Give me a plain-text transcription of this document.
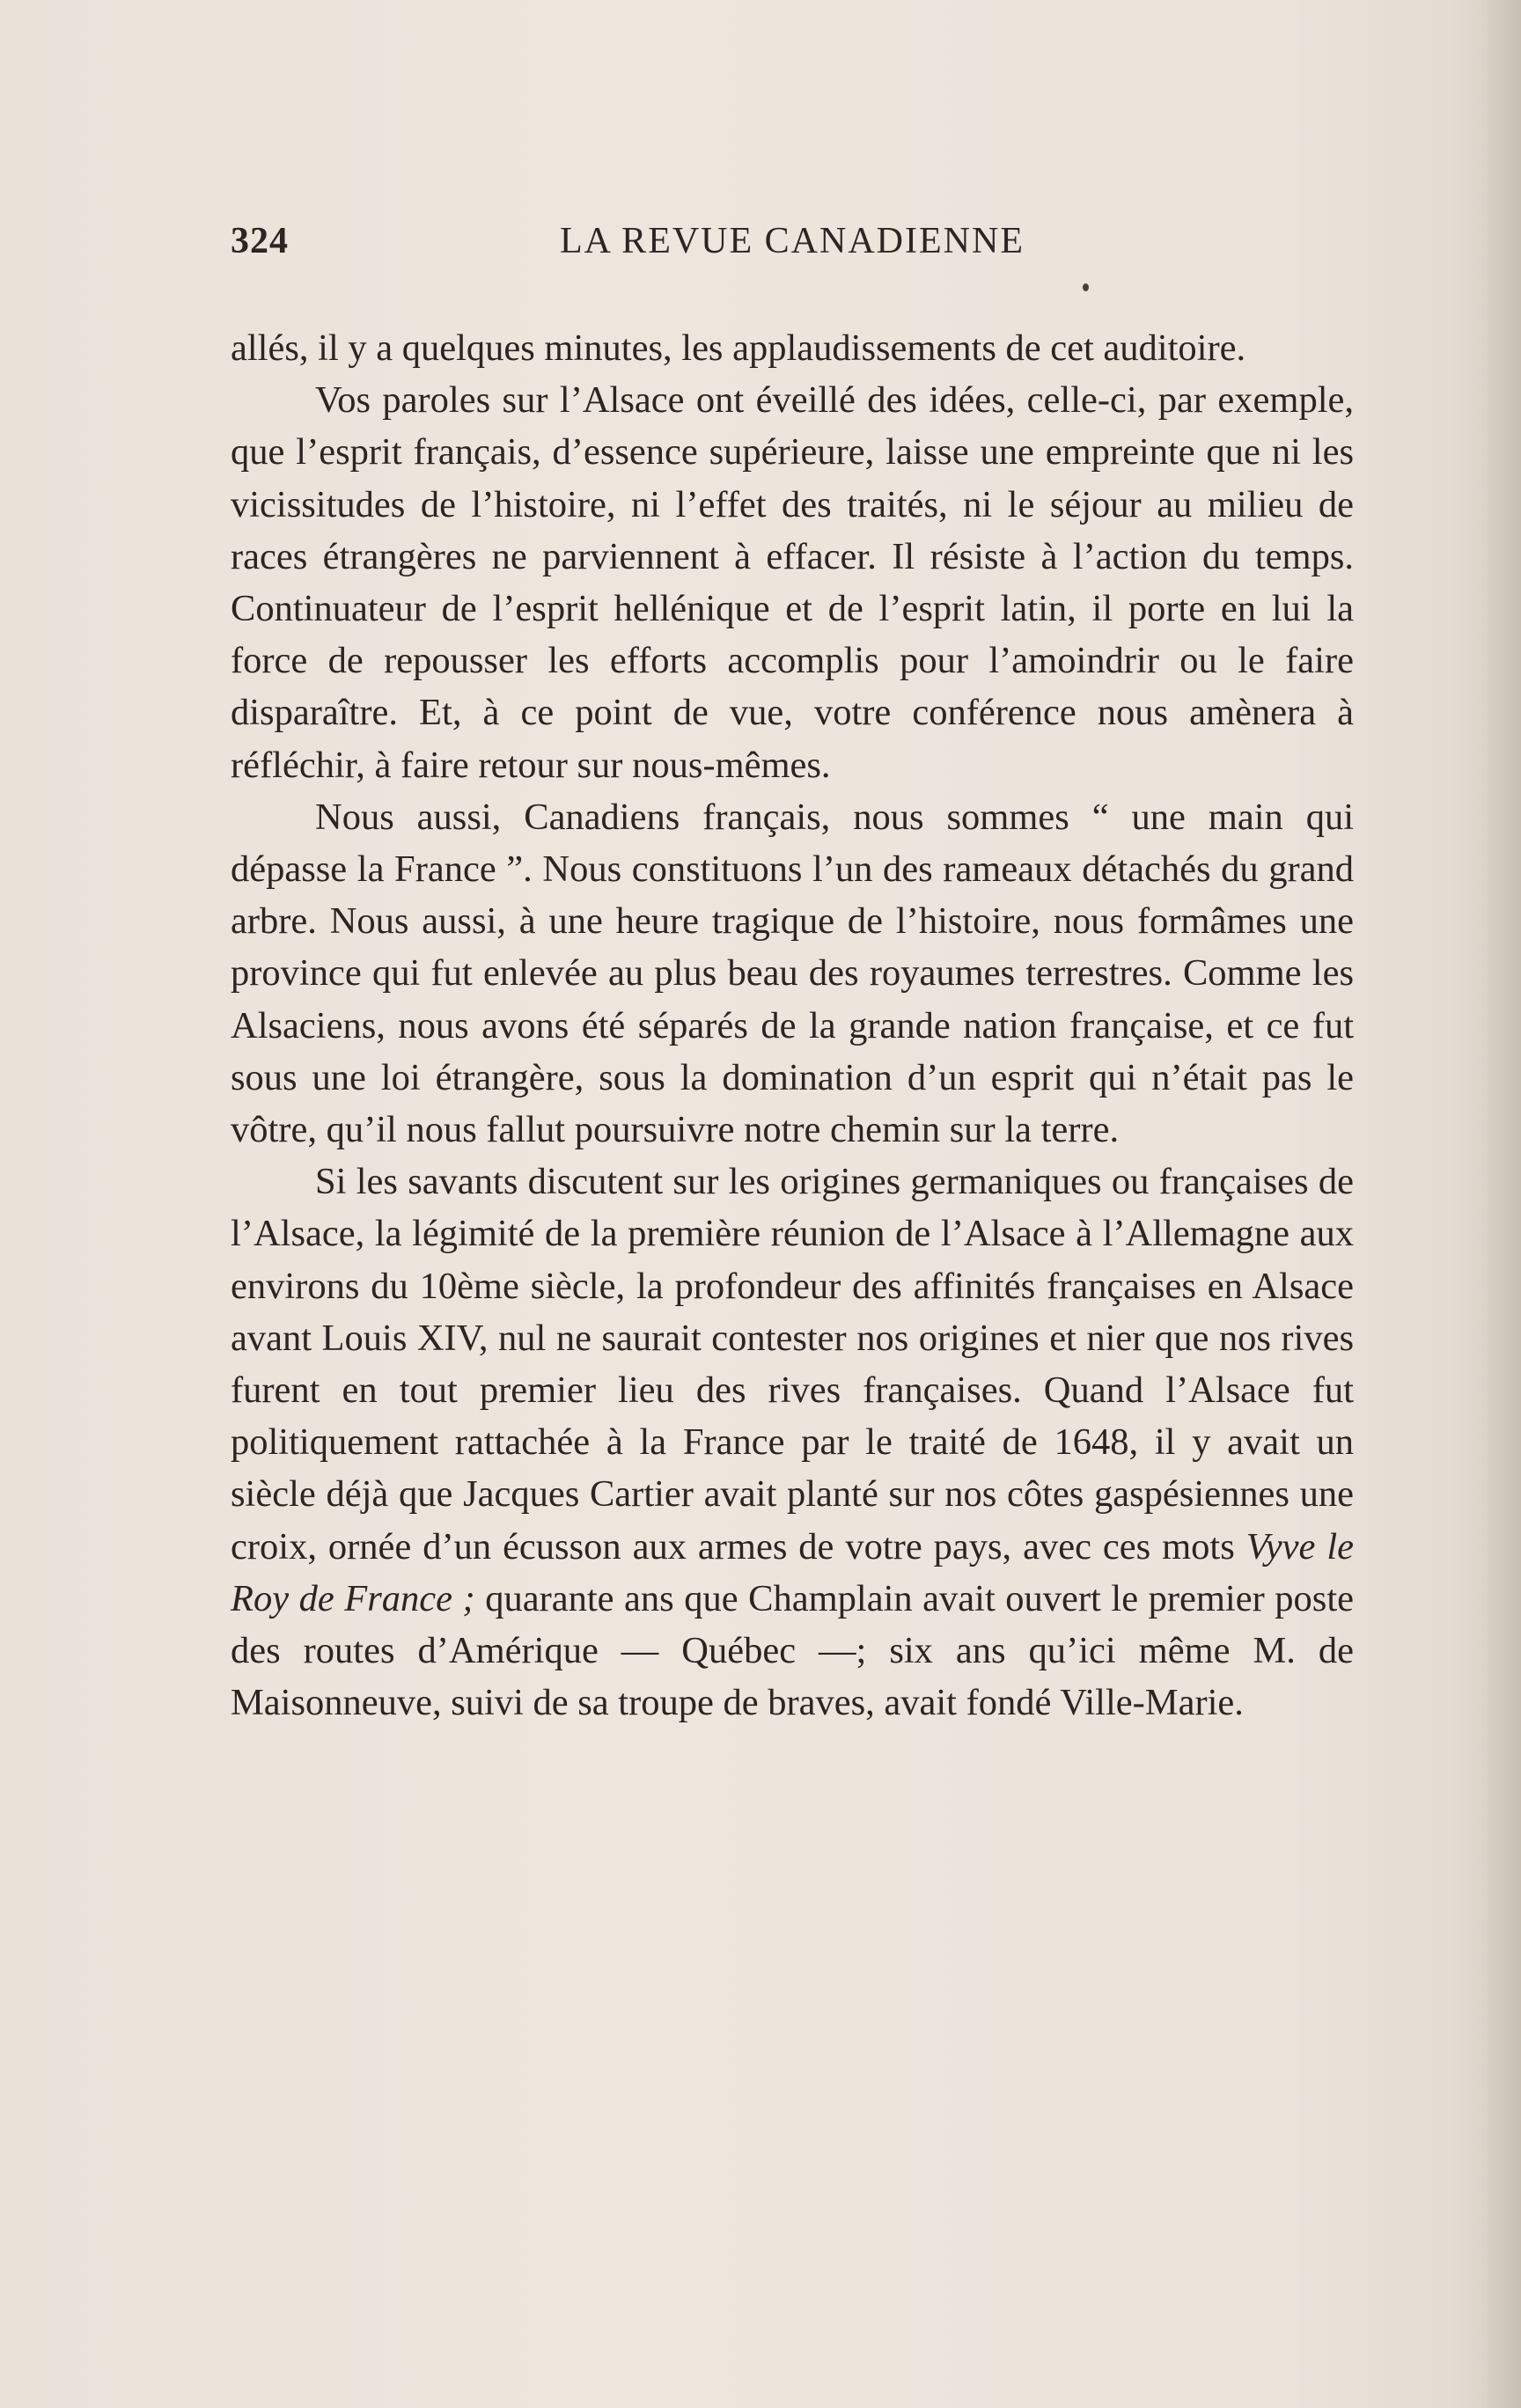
324	LA REVUE CANADIENNE

allés, il y a quelques minutes, les applaudissements de cet auditoire.

Vos paroles sur l’Alsace ont éveillé des idées, celle-ci, par exemple, que l’esprit français, d’essence supérieure, laisse une empreinte que ni les vicissitudes de l’histoire, ni l’effet des traités, ni le séjour au milieu de races étrangères ne parviennent à effacer. Il résiste à l’action du temps. Continuateur de l’esprit hellénique et de l’esprit latin, il porte en lui la force de repousser les efforts accomplis pour l’amoindrir ou le faire disparaître. Et, à ce point de vue, votre conférence nous amènera à réfléchir, à faire retour sur nous-mêmes.

Nous aussi, Canadiens français, nous sommes “ une main qui dépasse la France ”. Nous constituons l’un des rameaux détachés du grand arbre. Nous aussi, à une heure tragique de l’histoire, nous formâmes une province qui fut enlevée au plus beau des royaumes terrestres. Comme les Alsaciens, nous avons été séparés de la grande nation française, et ce fut sous une loi étrangère, sous la domination d’un esprit qui n’était pas le vôtre, qu’il nous fallut poursuivre notre chemin sur la terre.

Si les savants discutent sur les origines germaniques ou françaises de l’Alsace, la légimité de la première réunion de l’Alsace à l’Allemagne aux environs du 10ème siècle, la profondeur des affinités françaises en Alsace avant Louis XIV, nul ne saurait contester nos origines et nier que nos rives furent en tout premier lieu des rives françaises. Quand l’Alsace fut politiquement rattachée à la France par le traité de 1648, il y avait un siècle déjà que Jacques Cartier avait planté sur nos côtes gaspésiennes une croix, ornée d’un écusson aux armes de votre pays, avec ces mots Vyve le Roy de France ; quarante ans que Champlain avait ouvert le premier poste des routes d’Amérique — Québec —; six ans qu’ici même M. de Maisonneuve, suivi de sa troupe de braves, avait fondé Ville-Marie.
